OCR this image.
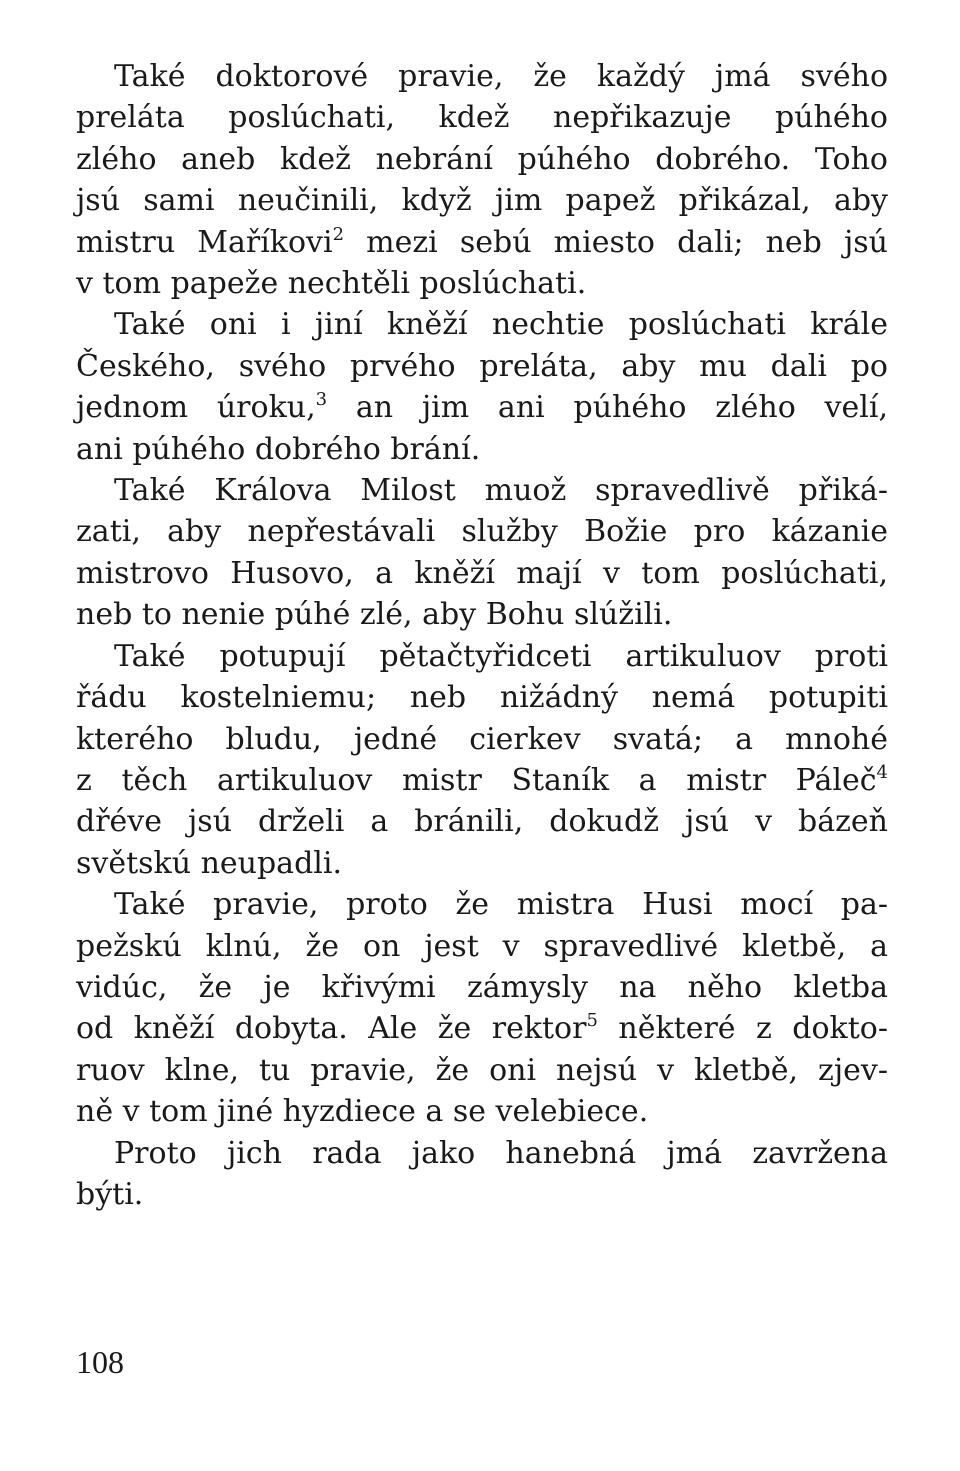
Také doktorové pravie, že každý jmá svého
preláta poslúchati, kdež nepřikazuje púhého
zlého aneb kdež nebrání púhého dobrého. Toho
jsú sami neučinili, když jim papež přikázal, aby
mistru Maříkovi$^2$ mezi sebú miesto dali; neb jsú
v tom papeže nechtěli poslúchati.
Také oni i jiní kněží nechtie poslúchati krále
Českého, svého prvého preláta, aby mu dali po
jednom úroku,$^3$ an jim ani púhého zlého velí,
ani púhého dobrého brání.
Také Králova Milost muož spravedlivě přiká-
zati, aby nepřestávali služby Božie pro kázanie
mistrovo Husovo, a kněží mají v tom poslúchati,
neb to nenie púhé zlé, aby Bohu slúžili.
Také potupují pětačtyřidceti artikuluov proti
řádu kostelniemu; neb nižádný nemá potupiti
kterého bludu, jedné cierkev svatá; a mnohé
z těch artikuluov mistr Staník a mistr Páleč$^4$
dřéve jsú drželi a bránili, dokudž jsú v bázeň
světskú neupadli.
Také pravie, proto že mistra Husi mocí pa-
pežskú klnú, že on jest v spravedlivé kletbě, a
vidúc, že je křivými zámysly na něho kletba
od kněží dobyta. Ale že rektor$^5$ některé z dokto-
ruov klne, tu pravie, že oni nejsú v kletbě, zjev-
ně v tom jiné hyzdiece a se velebiece.
Proto jich rada jako hanebná jmá zavržena
býti.
108
